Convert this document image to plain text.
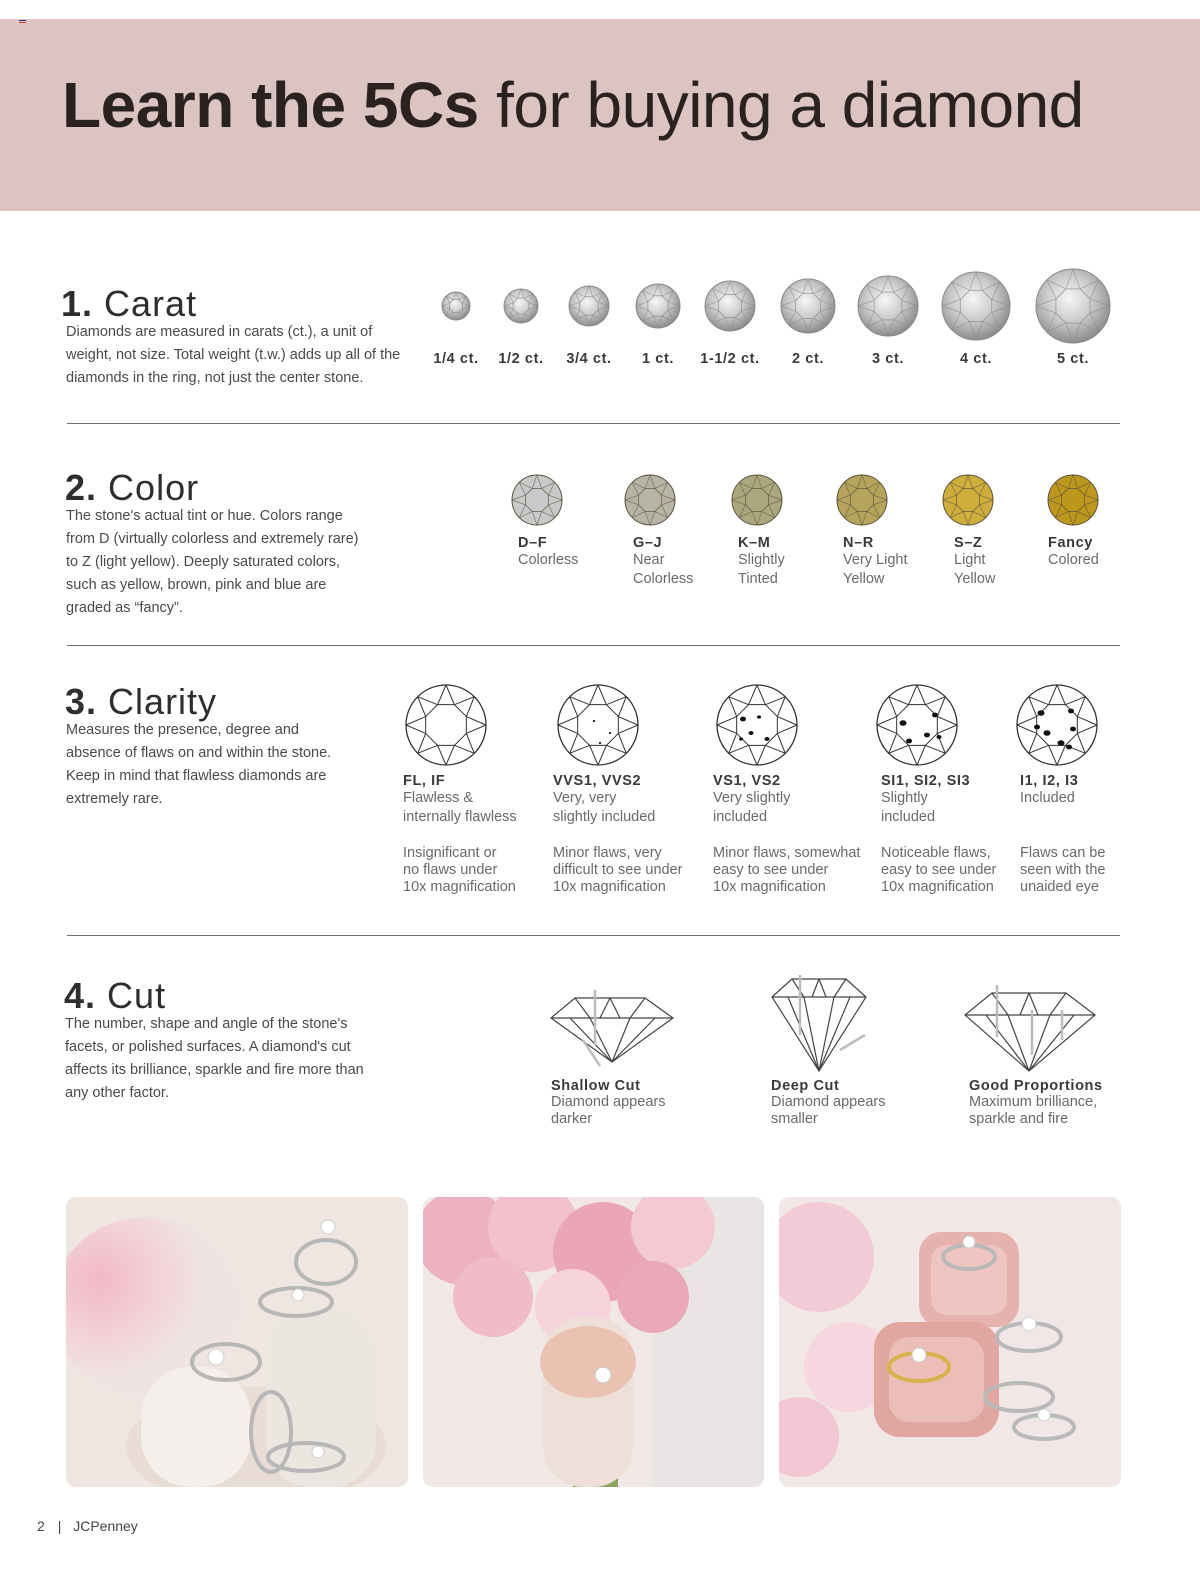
Learn the 5Cs for buying a diamond
1. Carat
Diamonds are measured in carats (ct.), a unit of weight, not size. Total weight (t.w.) adds up all of the diamonds in the ring, not just the center stone.
1/4 ct. 1/2 ct. 3/4 ct. 1 ct. 1-1/2 ct. 2 ct.	3 ct.	4 ct.	5 ct.
2. Color
The stone's actual tint or hue. Colors range from D (virtually colorless and extremely rare) to Z (light yellow). Deeply saturated colors, such as yellow, brown, pink and blue are graded as “fancy”.
D–F
Colorless
G–J
Near
Colorless
K–M
Slightly
Tinted
N–R
Very Light
Yellow
S–Z
Light
Yellow
Fancy
Colored
3. Clarity
Measures the presence, degree and absence of flaws on and within the stone. Keep in mind that flawless diamonds are extremely rare.
FL, IF
Flawless &
internally flawless
Insignificant or
no flaws under
10x magnification
VVS1, VVS2
Very, very
slightly included
Minor flaws, very
difficult to see under
10x magnification
VS1, VS2
Very slightly
included
Minor flaws, somewhat
easy to see under
10x magnification
SI1, SI2, SI3
Slightly
included
Noticeable flaws,
easy to see under
10x magnification
I1, I2, I3
Included
Flaws can be
seen with the
unaided eye
4. Cut
The number, shape and angle of the stone's facets, or polished surfaces. A diamond's cut affects its brilliance, sparkle and fire more than any other factor.	Shallow Cut
Diamond appears
darker
Deep Cut
Diamond appears
smaller
Good Proportions
Maximum brilliance,
sparkle and fire
2 | JCPenney
